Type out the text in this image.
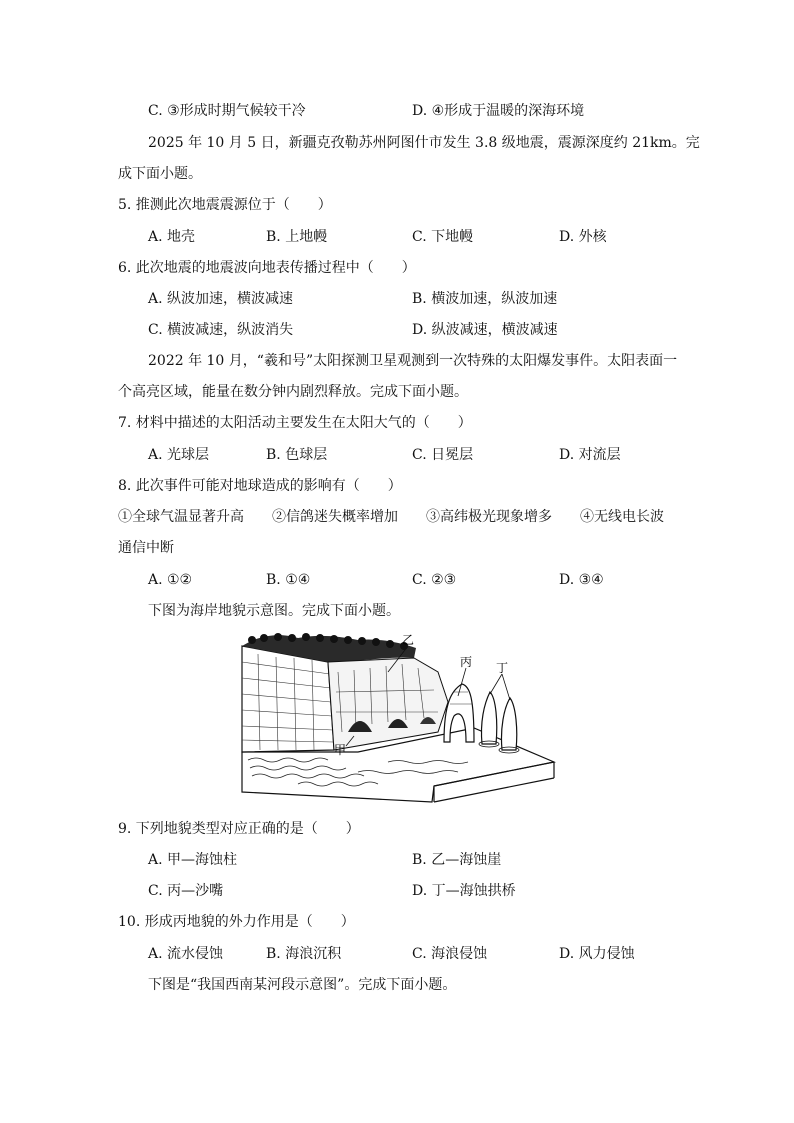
C. ③形成时期气候较干冷	D. ④形成于温暖的深海环境
2025 年 10 月 5 日，新疆克孜勒苏州阿图什市发生 3.8 级地震，震源深度约 21km。完
成下面小题。
5. 推测此次地震震源位于（　　）
A. 地壳	B. 上地幔	C. 下地幔	D. 外核
6. 此次地震的地震波向地表传播过程中（　　）
A. 纵波加速，横波减速	B. 横波加速，纵波加速
C. 横波减速，纵波消失	D. 纵波减速，横波减速
2022 年 10 月，“羲和号”太阳探测卫星观测到一次特殊的太阳爆发事件。太阳表面一
个高亮区域，能量在数分钟内剧烈释放。完成下面小题。
7. 材料中描述的太阳活动主要发生在太阳大气的（　　）
A. 光球层	B. 色球层	C. 日冕层	D. 对流层
8. 此次事件可能对地球造成的影响有（　　）
①全球气温显著升高　　②信鸽迷失概率增加　　③高纬极光现象增多　　④无线电长波
通信中断
A. ①②	B. ①④	C. ②③	D. ③④
下图为海岸地貌示意图。完成下面小题。
乙
丙 丁
甲
9. 下列地貌类型对应正确的是（　　）
A. 甲—海蚀柱	B. 乙—海蚀崖
C. 丙—沙嘴	D. 丁—海蚀拱桥
10. 形成丙地貌的外力作用是（　　）
A. 流水侵蚀	B. 海浪沉积	C. 海浪侵蚀	D. 风力侵蚀
下图是“我国西南某河段示意图”。完成下面小题。
